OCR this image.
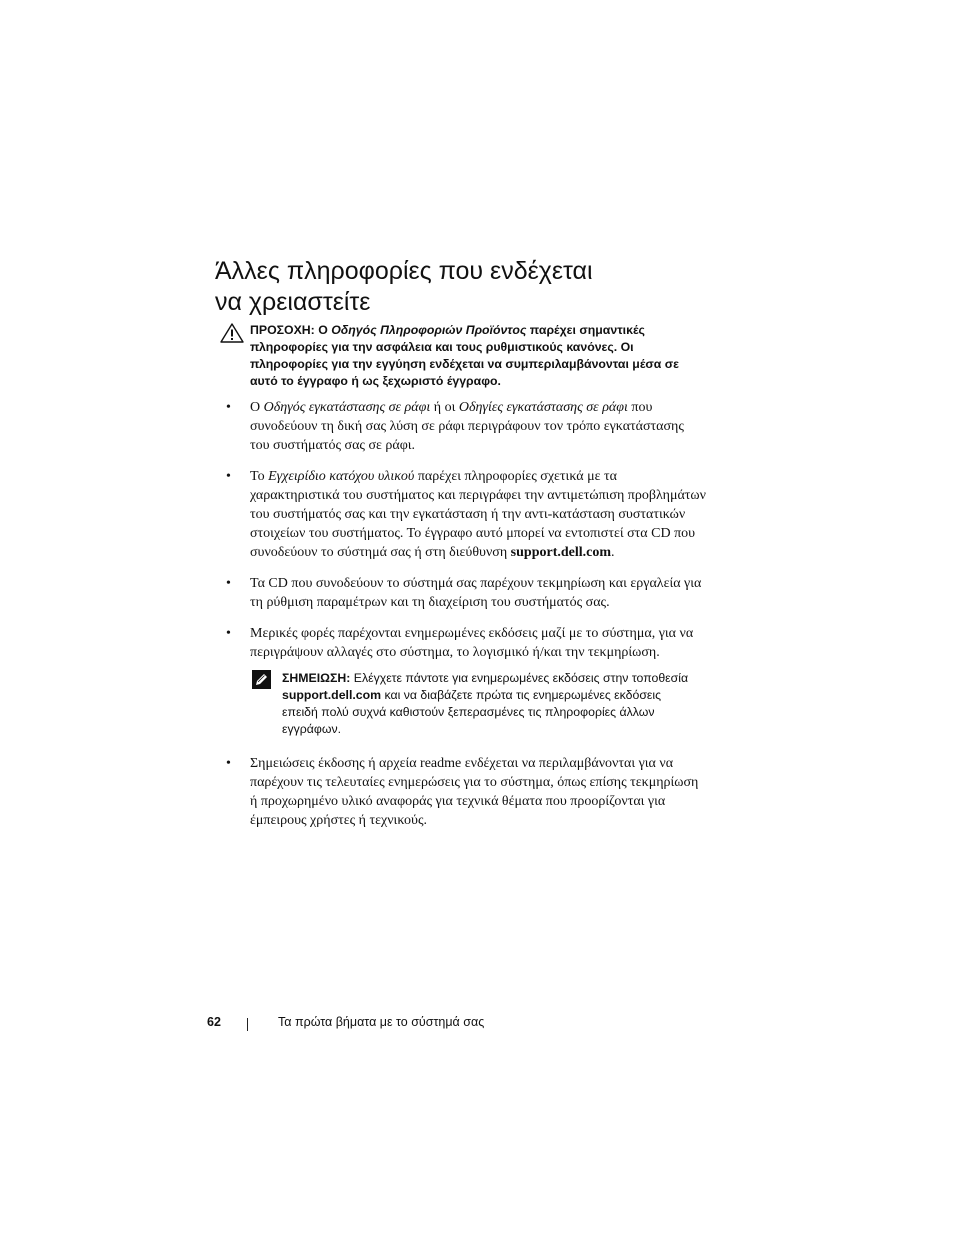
Άλλες πληροφορίες που ενδέχεται
να χρειαστείτε
ΠΡΟΣΟΧΗ: Ο Οδηγός Πληροφοριών Προϊόντος παρέχει σημαντικές πληροφορίες για την ασφάλεια και τους ρυθμιστικούς κανόνες. Οι πληροφορίες για την εγγύηση ενδέχεται να συμπεριλαμβάνονται μέσα σε αυτό το έγγραφο ή ως ξεχωριστό έγγραφο.
• Ο Οδηγός εγκατάστασης σε ράφι ή οι Οδηγίες εγκατάστασης σε ράφι που συνοδεύουν τη δική σας λύση σε ράφι περιγράφουν τον τρόπο εγκατάστασης του συστήματός σας σε ράφι.
• Το Εγχειρίδιο κατόχου υλικού παρέχει πληροφορίες σχετικά με τα χαρακτηριστικά του συστήματος και περιγράφει την αντιμετώπιση προβλημάτων του συστήματός σας και την εγκατάσταση ή την αντι-κατάσταση συστατικών στοιχείων του συστήματος. Το έγγραφο αυτό μπορεί να εντοπιστεί στα CD που συνοδεύουν το σύστημά σας ή στη διεύθυνση support.dell.com.
• Τα CD που συνοδεύουν το σύστημά σας παρέχουν τεκμηρίωση και εργαλεία για τη ρύθμιση παραμέτρων και τη διαχείριση του συστήματός σας.
• Μερικές φορές παρέχονται ενημερωμένες εκδόσεις μαζί με το σύστημα, για να περιγράψουν αλλαγές στο σύστημα, το λογισμικό ή/και την τεκμηρίωση.
ΣΗΜΕΙΩΣΗ: Ελέγχετε πάντοτε για ενημερωμένες εκδόσεις στην τοποθεσία support.dell.com και να διαβάζετε πρώτα τις ενημερωμένες εκδόσεις επειδή πολύ συχνά καθιστούν ξεπερασμένες τις πληροφορίες άλλων εγγράφων.
• Σημειώσεις έκδοσης ή αρχεία readme ενδέχεται να περιλαμβάνονται για να παρέχουν τις τελευταίες ενημερώσεις για το σύστημα, όπως επίσης τεκμηρίωση ή προχωρημένο υλικό αναφοράς για τεχνικά θέματα που προορίζονται για έμπειρους χρήστες ή τεχνικούς.
62	Τα πρώτα βήματα με το σύστημά σας
